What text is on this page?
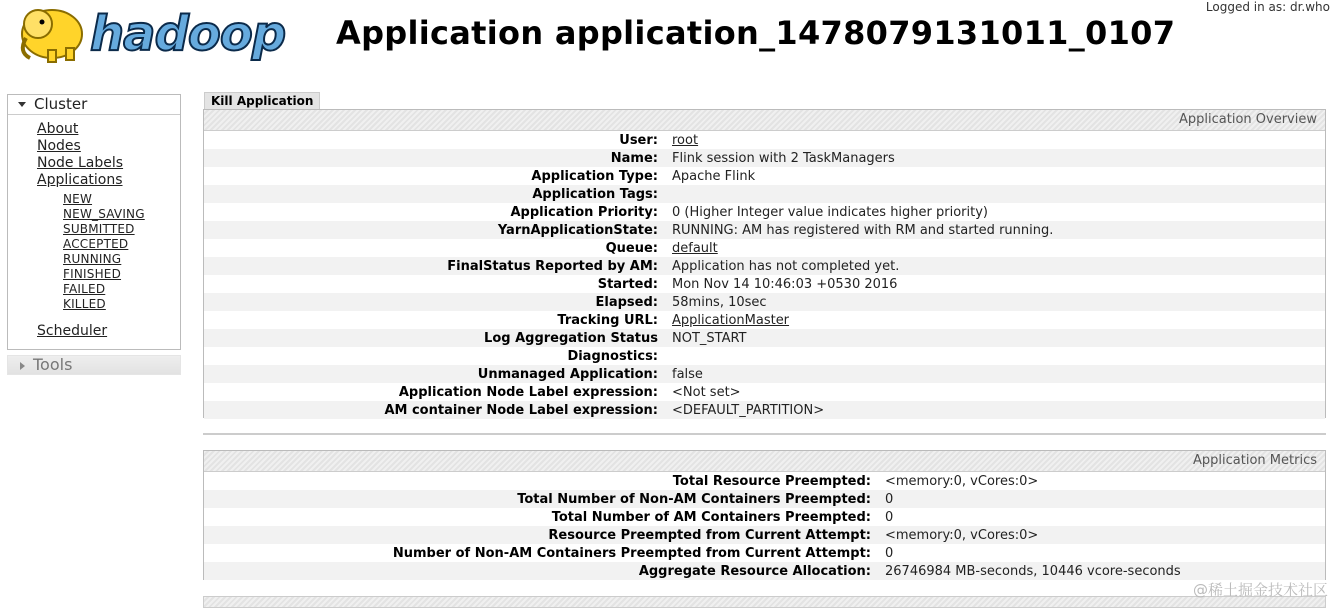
Logged in as: dr.who
hadoop Application application_1478079131011_0107
Cluster
About
Nodes
Node Labels
Applications
NEW
NEW_SAVING
SUBMITTED
ACCEPTED
RUNNING
FINISHED
FAILED
KILLED
Scheduler
Tools
Kill Application
Application Overview
User:	root
Name:	Flink session with 2 TaskManagers
Application Type:	Apache Flink
Application Tags:	
Application Priority:	0 (Higher Integer value indicates higher priority)
YarnApplicationState:	RUNNING: AM has registered with RM and started running.
Queue:	default
FinalStatus Reported by AM:	Application has not completed yet.
Started:	Mon Nov 14 10:46:03 +0530 2016
Elapsed:	58mins, 10sec
Tracking URL:	ApplicationMaster
Log Aggregation Status	NOT_START
Diagnostics:	
Unmanaged Application:	false
Application Node Label expression:	<Not set>
AM container Node Label expression:	<DEFAULT_PARTITION>
Application Metrics
Total Resource Preempted:	<memory:0, vCores:0>
Total Number of Non-AM Containers Preempted:	0
Total Number of AM Containers Preempted:	0
Resource Preempted from Current Attempt:	<memory:0, vCores:0>
Number of Non-AM Containers Preempted from Current Attempt:	0
Aggregate Resource Allocation:	26746984 MB-seconds, 10446 vcore-seconds
@稀土掘金技术社区
